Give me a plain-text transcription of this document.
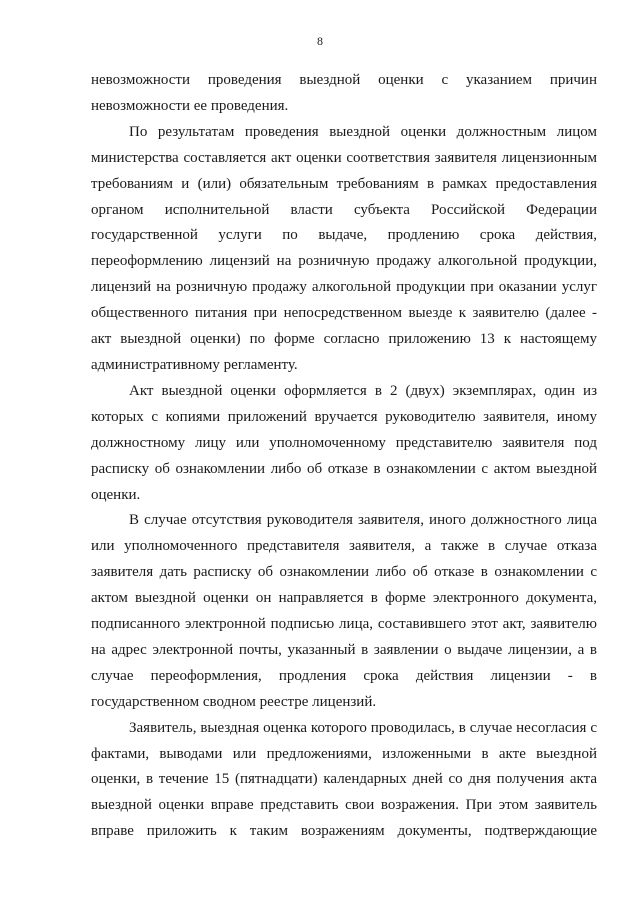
8

невозможности проведения выездной оценки с указанием причин невозможности ее проведения.

По результатам проведения выездной оценки должностным лицом министерства составляется акт оценки соответствия заявителя лицензионным требованиям и (или) обязательным требованиям в рамках предоставления органом исполнительной власти субъекта Российской Федерации государственной услуги по выдаче, продлению срока действия, переоформлению лицензий на розничную продажу алкогольной продукции, лицензий на розничную продажу алкогольной продукции при оказании услуг общественного питания при непосредственном выезде к заявителю (далее - акт выездной оценки) по форме согласно приложению 13 к настоящему административному регламенту.

Акт выездной оценки оформляется в 2 (двух) экземплярах, один из которых с копиями приложений вручается руководителю заявителя, иному должностному лицу или уполномоченному представителю заявителя под расписку об ознакомлении либо об отказе в ознакомлении с актом выездной оценки.

В случае отсутствия руководителя заявителя, иного должностного лица или уполномоченного представителя заявителя, а также в случае отказа заявителя дать расписку об ознакомлении либо об отказе в ознакомлении с актом выездной оценки он направляется в форме электронного документа, подписанного электронной подписью лица, составившего этот акт, заявителю на адрес электронной почты, указанный в заявлении о выдаче лицензии, а в случае переоформления, продления срока действия лицензии - в государственном сводном реестре лицензий.

Заявитель, выездная оценка которого проводилась, в случае несогласия с фактами, выводами или предложениями, изложенными в акте выездной оценки, в течение 15 (пятнадцати) календарных дней со дня получения акта выездной оценки вправе представить свои возражения. При этом заявитель вправе приложить к таким возражениям документы, подтверждающие
